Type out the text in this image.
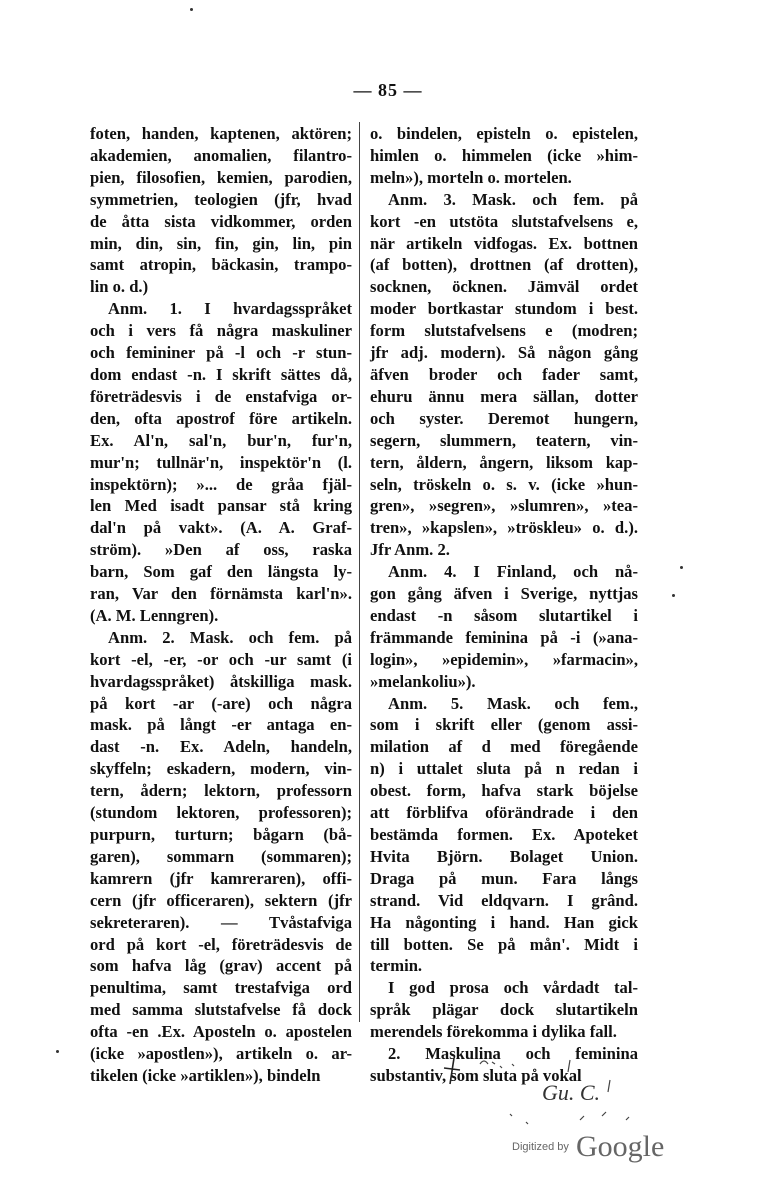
— 85 —
foten, handen, kaptenen, aktören;
akademien, anomalien, filantro-
pien, filosofien, kemien, parodien,
symmetrien, teologien (jfr, hvad
de åtta sista vidkommer, orden
min, din, sin, fin, gin, lin, pin
samt atropin, bäckasin, trampo-
lin o. d.)
Anm. 1. I hvardagsspråket
och i vers få några maskuliner
och femininer på -l och -r stun-
dom endast -n. I skrift sättes då,
företrädesvis i de enstafviga or-
den, ofta apostrof före artikeln.
Ex. Al'n, sal'n, bur'n, fur'n,
mur'n; tullnär'n, inspektör'n (l.
inspektörn); »... de gråa fjäl-
len Med isadt pansar stå kring
dal'n på vakt». (A. A. Graf-
ström). »Den af oss, raska
barn, Som gaf den längsta ly-
ran, Var den förnämsta karl'n».
(A. M. Lenngren).
Anm. 2. Mask. och fem. på
kort -el, -er, -or och -ur samt (i
hvardagsspråket) åtskilliga mask.
på kort -ar (-are) och några
mask. på långt -er antaga en-
dast -n. Ex. Adeln, handeln,
skyffeln; eskadern, modern, vin-
tern, ådern; lektorn, professorn
(stundom lektoren, professoren);
purpurn, turturn; bågarn (bå-
garen), sommarn (sommaren);
kamrern (jfr kamreraren), offi-
cern (jfr officeraren), sektern (jfr
sekreteraren). — Tvåstafviga
ord på kort -el, företrädesvis de
som hafva låg (grav) accent på
penultima, samt trestafviga ord
med samma slutstafvelse få dock
ofta -en .Ex. Aposteln o. apostelen
(icke »apostlen»), artikeln o. ar-
tikelen (icke »artiklen»), bindeln
o. bindelen, episteln o. epistelen,
himlen o. himmelen (icke »him-
meln»), morteln o. mortelen.
Anm. 3. Mask. och fem. på
kort -en utstöta slutstafvelsens e,
när artikeln vidfogas. Ex. bottnen
(af botten), drottnen (af drotten),
socknen, öcknen. Jämväl ordet
moder bortkastar stundom i best.
form slutstafvelsens e (modren;
jfr adj. modern). Så någon gång
äfven broder och fader samt,
ehuru ännu mera sällan, dotter
och syster. Deremot hungern,
segern, slummern, teatern, vin-
tern, åldern, ångern, liksom kap-
seln, tröskeln o. s. v. (icke »hun-
gren», »segren», »slumren», »tea-
tren», »kapslen», »tröskleu» o. d.).
Jfr Anm. 2.
Anm. 4. I Finland, och nå-
gon gång äfven i Sverige, nyttjas
endast -n såsom slutartikel i
främmande feminina på -i (»ana-
login», »epidemin», »farmacin»,
»melankoliu»).
Anm. 5. Mask. och fem.,
som i skrift eller (genom assi-
milation af d med föregående
n) i uttalet sluta på n redan i
obest. form, hafva stark böjelse
att förblifva oförändrade i den
bestämda formen. Ex. Apoteket
Hvita Björn. Bolaget Union.
Draga på mun. Fara långs
strand. Vid eldqvarn. I grând.
Ha någonting i hand. Han gick
till botten. Se på mån'. Midt i
termin.
I god prosa och vårdadt tal-
språk plägar dock slutartikeln
merendels förekomma i dylika fall.
2. Maskulina och feminina
substantiv, som sluta på vokal
Gu. C.
Digitized by Google
